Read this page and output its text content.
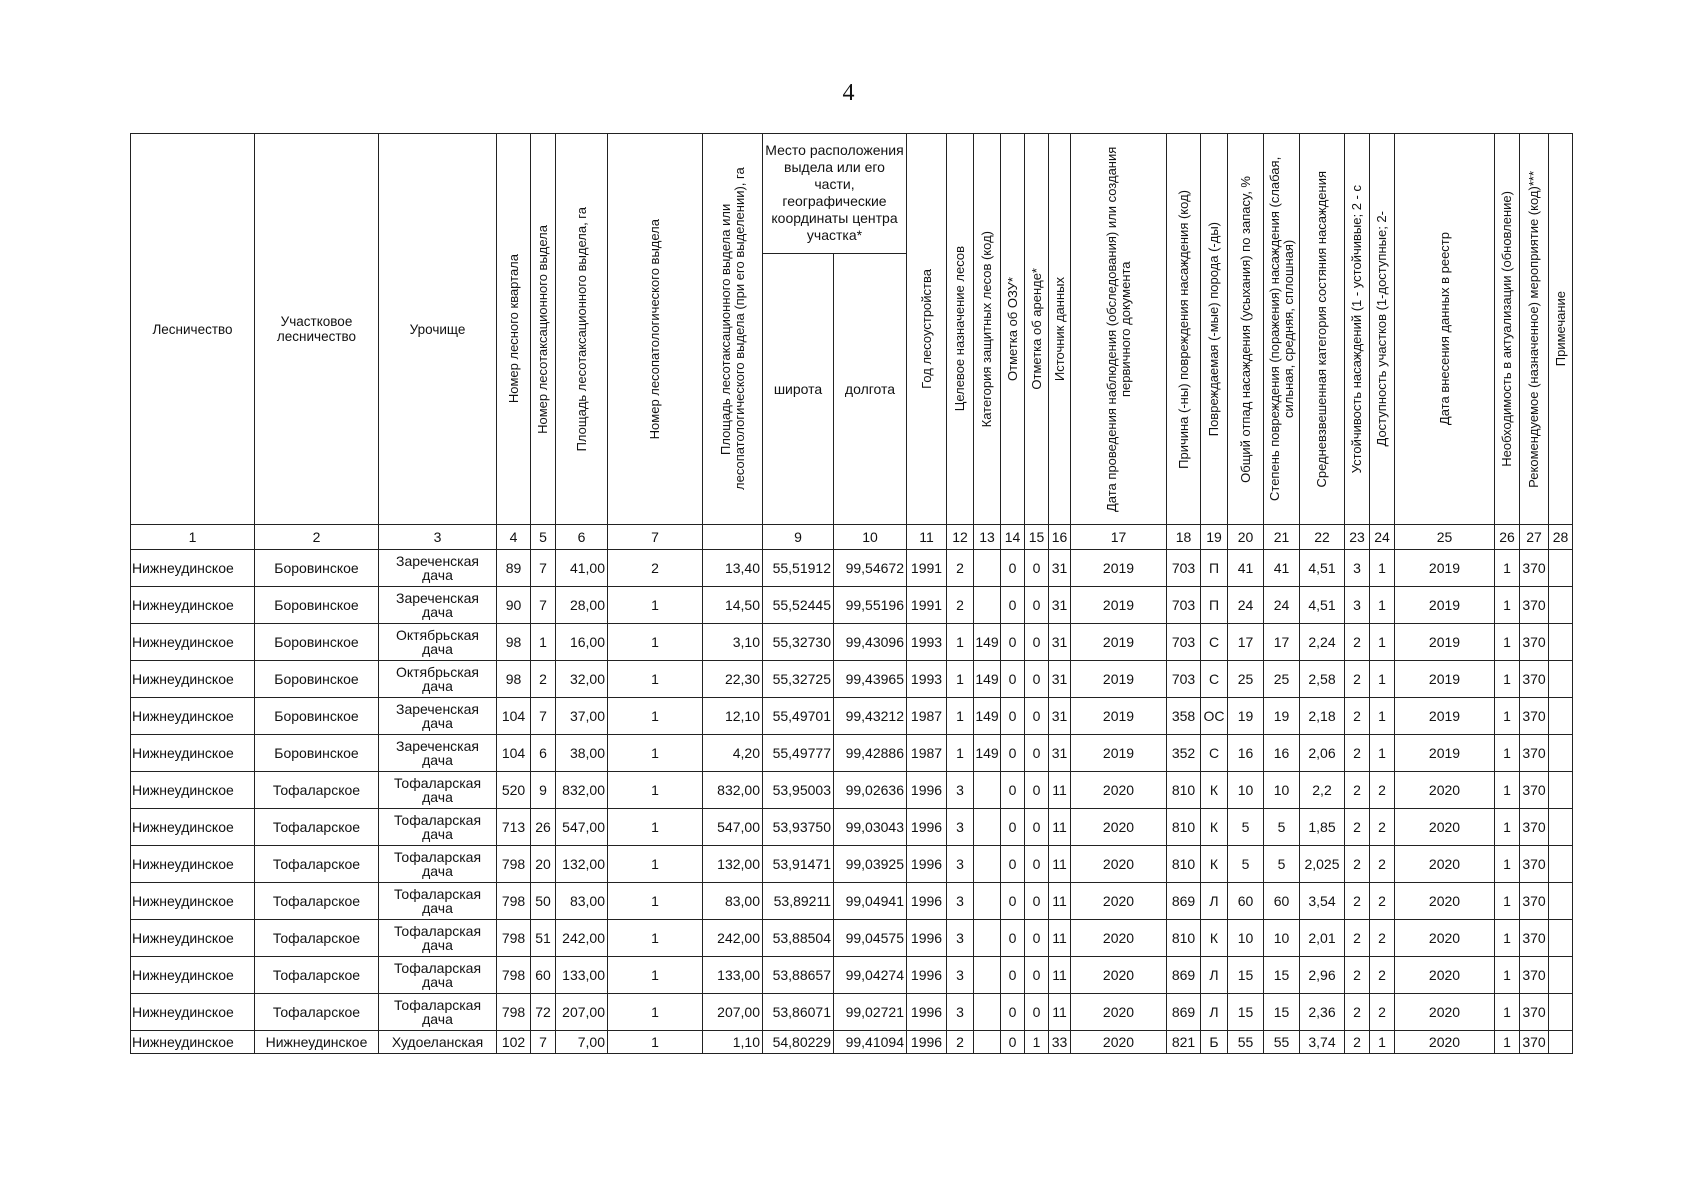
4
Лесничество	Участковое лесничество	Урочище	Номер лесного квартала	Номер лесотаксационного выдела	Площадь лесотаксационного выдела, га	Номер лесопатологического выдела	Площадь лесотаксационного выдела или лесопатологического выдела (при его выделении), га	Место расположения выдела или его части, географические координаты центра участка*		Год лесоустройства	Целевое назначение лесов	Категория защитных лесов (код)	Отметка об ОЗУ*	Отметка об аренде*	Источник данных	Дата проведения наблюдения (обследования) или создания первичного документа	Причина (-ны) повреждения насаждения (код)	Повреждаемая (-мые) порода (-ды)	Общий отпад насаждения (усыхания) по запасу, %	Степень повреждения (поражения) насаждения (слабая, сильная, средняя, сплошная)	Средневзвешенная категория состяния насаждения	Устойчивость насаждений (1 - устойчивые; 2 - с	Доступность участков (1-доступные; 2-	Дата внесения данных в реестр	Необходимость в актуализации (обновление)	Рекомендуемое (назначенное) мероприятие (код)***	Примечание

								широта	долгота																		
1	2	3	4	5	6	7		9	10	11	12	13	14	15	16	17	18	19	20	21	22	23	24	25	26	27	28
Нижнеудинское	Боровинское	Зареченская дача	89	7	41,00	2	13,40	55,51912	99,54672	1991	2		0	0	31	2019	703	П	41	41	4,51	3	1	2019	1	370	
Нижнеудинское	Боровинское	Зареченская дача	90	7	28,00	1	14,50	55,52445	99,55196	1991	2		0	0	31	2019	703	П	24	24	4,51	3	1	2019	1	370	
Нижнеудинское	Боровинское	Октябрьская дача	98	1	16,00	1	3,10	55,32730	99,43096	1993	1	149	0	0	31	2019	703	С	17	17	2,24	2	1	2019	1	370	
Нижнеудинское	Боровинское	Октябрьская дача	98	2	32,00	1	22,30	55,32725	99,43965	1993	1	149	0	0	31	2019	703	С	25	25	2,58	2	1	2019	1	370	
Нижнеудинское	Боровинское	Зареченская дача	104	7	37,00	1	12,10	55,49701	99,43212	1987	1	149	0	0	31	2019	358	ОС	19	19	2,18	2	1	2019	1	370	
Нижнеудинское	Боровинское	Зареченская дача	104	6	38,00	1	4,20	55,49777	99,42886	1987	1	149	0	0	31	2019	352	С	16	16	2,06	2	1	2019	1	370	
Нижнеудинское	Тофаларское	Тофаларская дача	520	9	832,00	1	832,00	53,95003	99,02636	1996	3		0	0	11	2020	810	К	10	10	2,2	2	2	2020	1	370	
Нижнеудинское	Тофаларское	Тофаларская дача	713	26	547,00	1	547,00	53,93750	99,03043	1996	3		0	0	11	2020	810	К	5	5	1,85	2	2	2020	1	370	
Нижнеудинское	Тофаларское	Тофаларская дача	798	20	132,00	1	132,00	53,91471	99,03925	1996	3		0	0	11	2020	810	К	5	5	2,025	2	2	2020	1	370	
Нижнеудинское	Тофаларское	Тофаларская дача	798	50	83,00	1	83,00	53,89211	99,04941	1996	3		0	0	11	2020	869	Л	60	60	3,54	2	2	2020	1	370	
Нижнеудинское	Тофаларское	Тофаларская дача	798	51	242,00	1	242,00	53,88504	99,04575	1996	3		0	0	11	2020	810	К	10	10	2,01	2	2	2020	1	370	
Нижнеудинское	Тофаларское	Тофаларская дача	798	60	133,00	1	133,00	53,88657	99,04274	1996	3		0	0	11	2020	869	Л	15	15	2,96	2	2	2020	1	370	
Нижнеудинское	Тофаларское	Тофаларская дача	798	72	207,00	1	207,00	53,86071	99,02721	1996	3		0	0	11	2020	869	Л	15	15	2,36	2	2	2020	1	370	
Нижнеудинское	Нижнеудинское	Худоеланская	102	7	7,00	1	1,10	54,80229	99,41094	1996	2		0	1	33	2020	821	Б	55	55	3,74	2	1	2020	1	370	
